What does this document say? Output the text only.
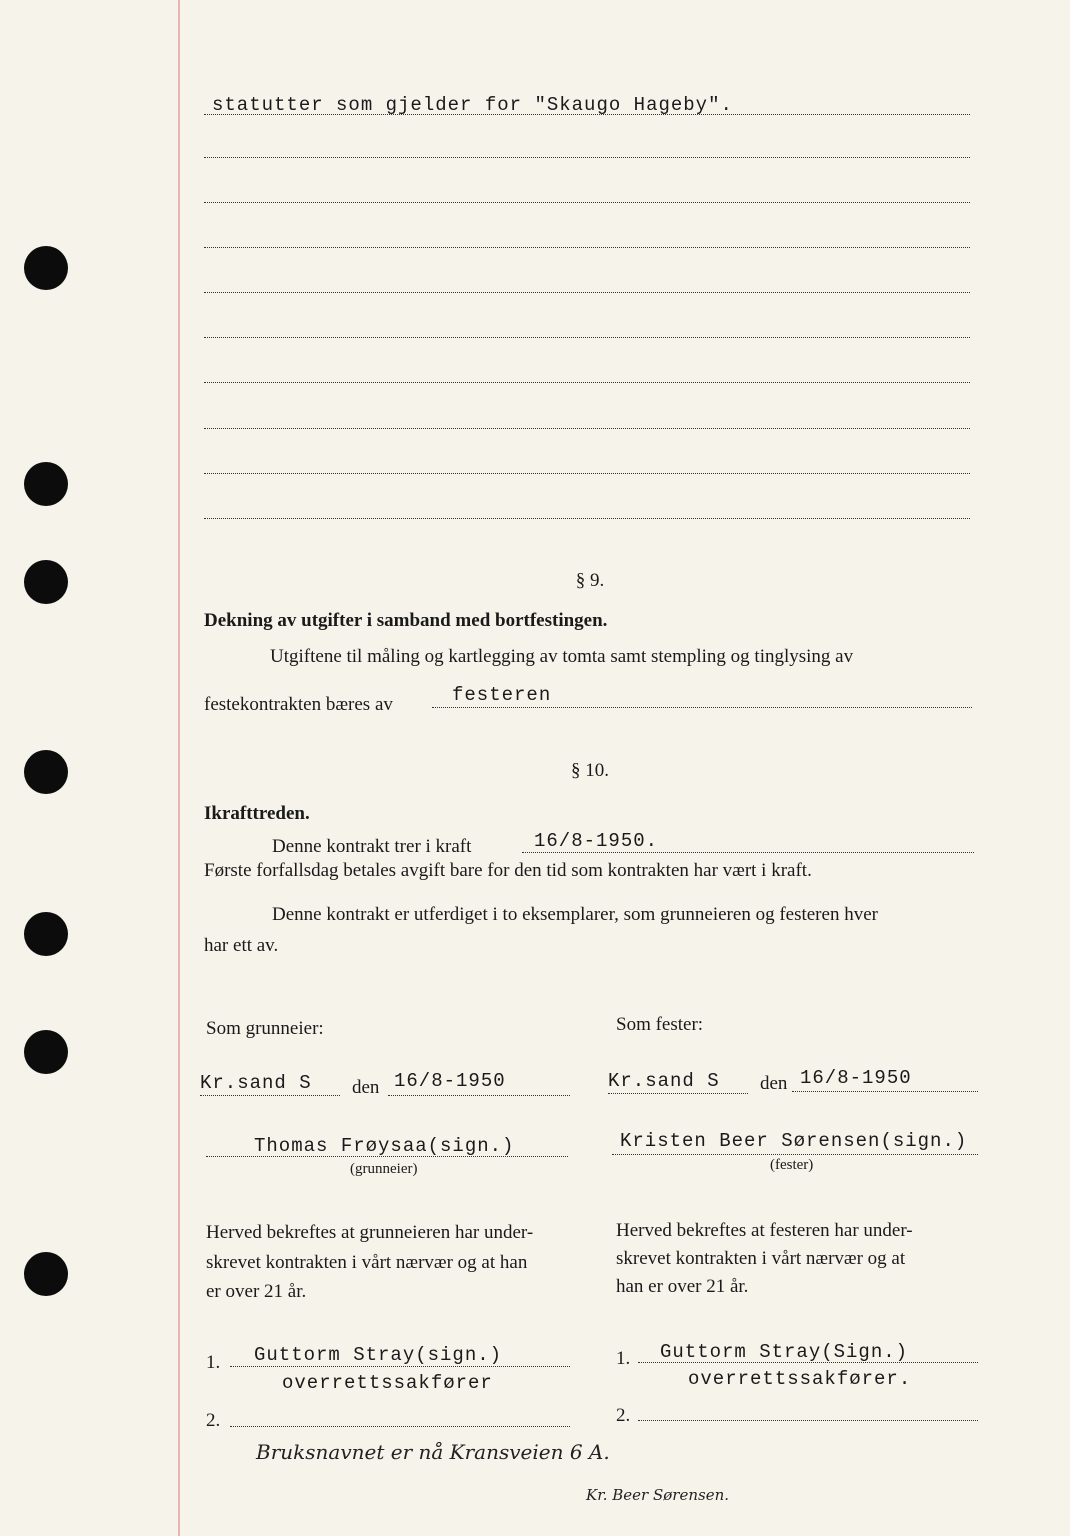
statutter som gjelder for "Skaugo Hageby".
§ 9.
Dekning av utgifter i samband med bortfestingen.
Utgiftene til måling og kartlegging av tomta samt stempling og tinglysing av
festekontrakten bæres av	festeren
§ 10.
Ikrafttreden.
Denne kontrakt trer i kraft	16/8-1950.
Første forfallsdag betales avgift bare for den tid som kontrakten har vært i kraft.
Denne kontrakt er utferdiget i to eksemplarer, som grunneieren og festeren hver
har ett av.
Som grunneier:
Kr.sand S den 16/8-1950
Thomas Frøysaa(sign.)
(grunneier)
Herved bekreftes at grunneieren har under-
skrevet kontrakten i vårt nærvær og at han
er over 21 år.
1. Guttorm Stray(sign.)
overrettssakfører
2.
Som fester:
Kr.sand S den 16/8-1950
Kristen Beer Sørensen(sign.)
(fester)
Herved bekreftes at festeren har under-
skrevet kontrakten i vårt nærvær og at
han er over 21 år.
1. Guttorm Stray(Sign.)
overrettssakfører.
2.
Bruksnavnet er nå Kransveien 6 A.
Kr. Beer Sørensen.
